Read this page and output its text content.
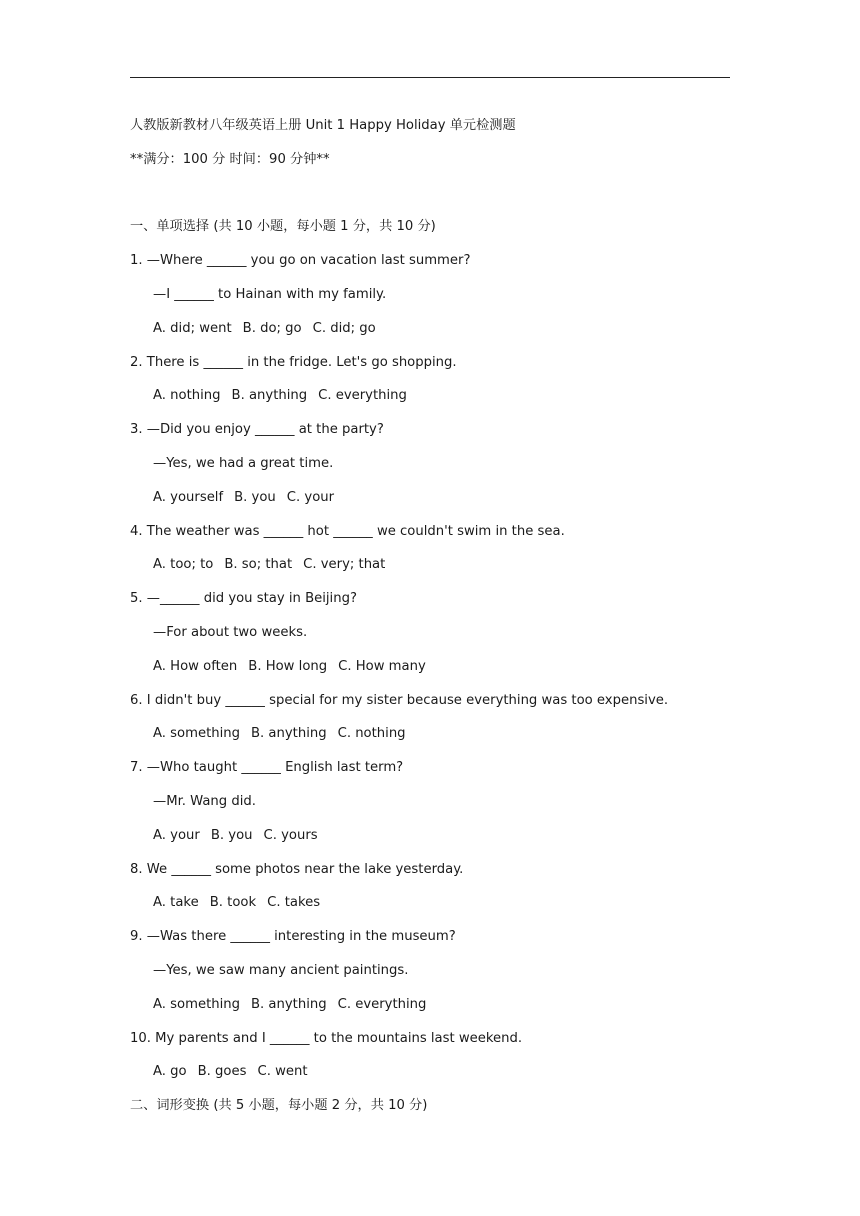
人教版新教材八年级英语上册 Unit 1 Happy Holiday 单元检测题
**满分：100 分 时间：90 分钟**
一、单项选择 (共 10 小题，每小题 1 分，共 10 分)
1. —Where ______ you go on vacation last summer?
—I ______ to Hainan with my family.
A. did; went B. do; go C. did; go
2. There is ______ in the fridge. Let's go shopping.
A. nothing B. anything C. everything
3. —Did you enjoy ______ at the party?
—Yes, we had a great time.
A. yourself B. you C. your
4. The weather was ______ hot ______ we couldn't swim in the sea.
A. too; to B. so; that C. very; that
5. —______ did you stay in Beijing?
—For about two weeks.
A. How often B. How long C. How many
6. I didn't buy ______ special for my sister because everything was too expensive.
A. something B. anything C. nothing
7. —Who taught ______ English last term?
—Mr. Wang did.
A. your B. you C. yours
8. We ______ some photos near the lake yesterday.
A. take B. took C. takes
9. —Was there ______ interesting in the museum?
—Yes, we saw many ancient paintings.
A. something B. anything C. everything
10. My parents and I ______ to the mountains last weekend.
A. go B. goes C. went
二、词形变换 (共 5 小题，每小题 2 分，共 10 分)
